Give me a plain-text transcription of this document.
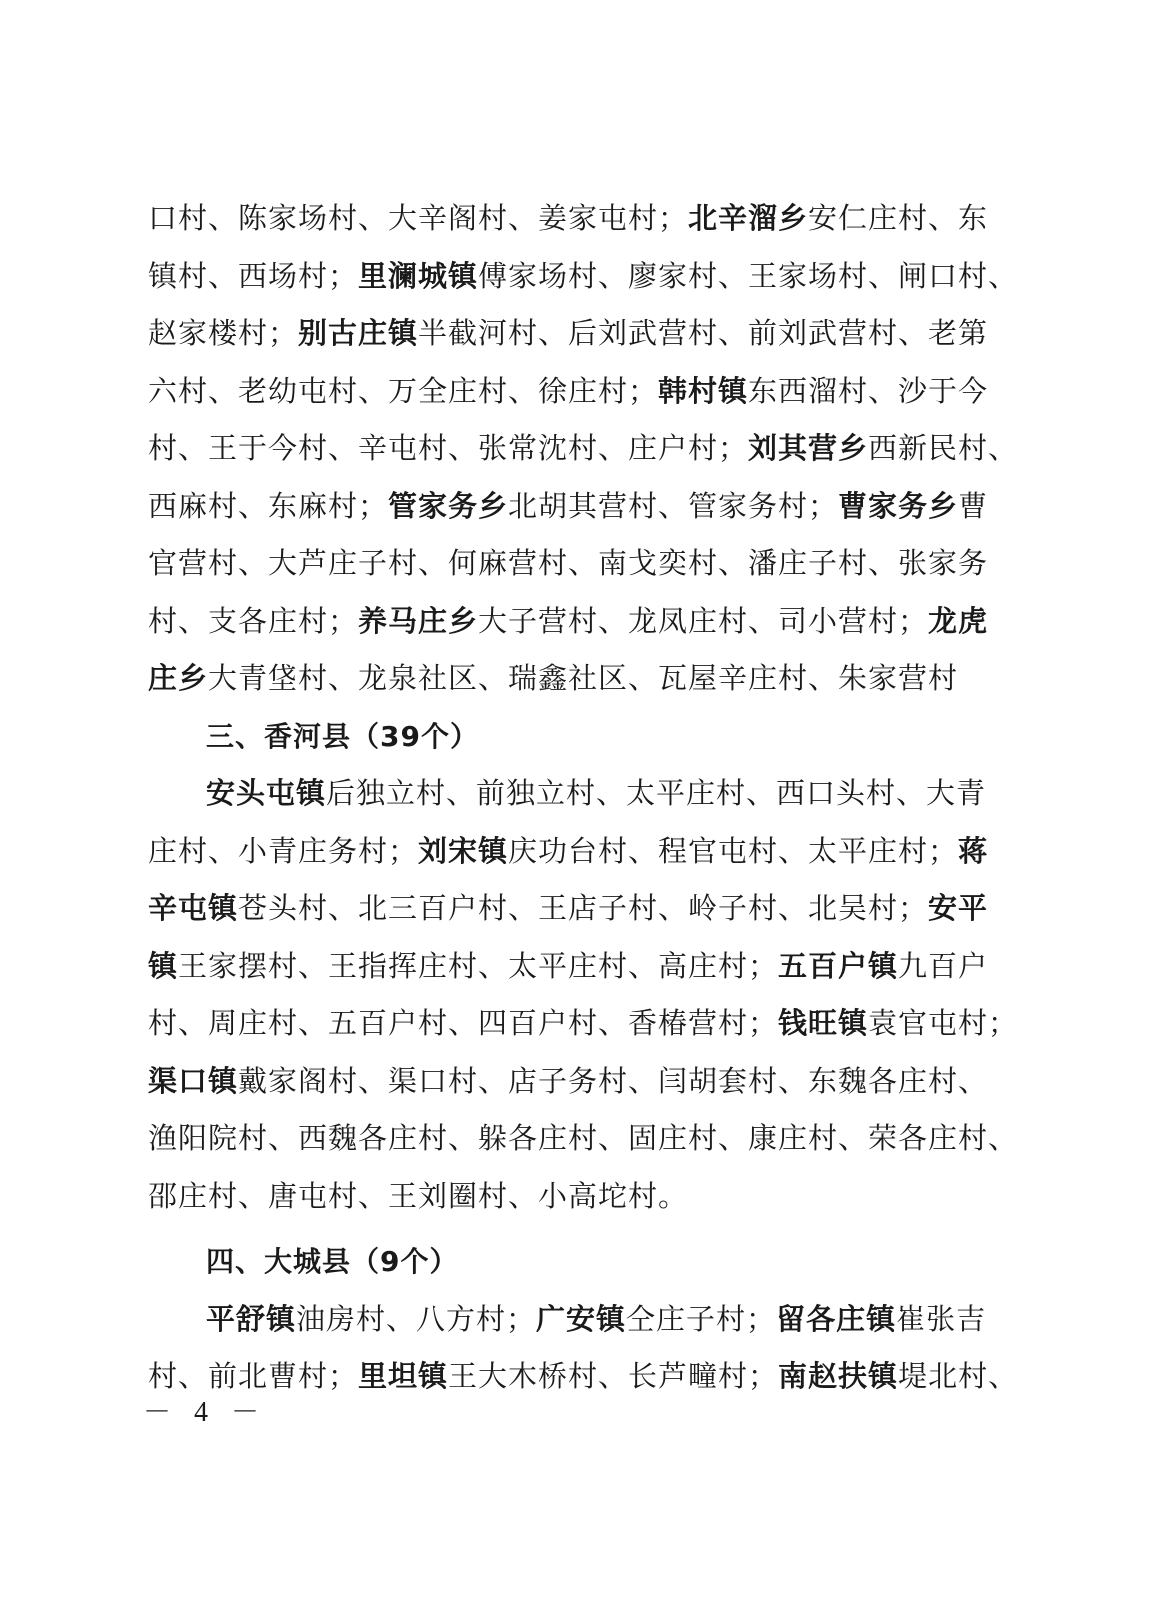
口村、陈家场村、大辛阁村、姜家屯村；北辛溜乡安仁庄村、东
镇村、西场村；里澜城镇傅家场村、廖家村、王家场村、闸口村、
赵家楼村；别古庄镇半截河村、后刘武营村、前刘武营村、老第
六村、老幼屯村、万全庄村、徐庄村；韩村镇东西溜村、沙于今
村、王于今村、辛屯村、张常沈村、庄户村；刘其营乡西新民村、
西麻村、东麻村；管家务乡北胡其营村、管家务村；曹家务乡曹
官营村、大芦庄子村、何麻营村、南戈奕村、潘庄子村、张家务
村、支各庄村；养马庄乡大子营村、龙凤庄村、司小营村；龙虎
庄乡大青垡村、龙泉社区、瑞鑫社区、瓦屋辛庄村、朱家营村
三、香河县（39个）
安头屯镇后独立村、前独立村、太平庄村、西口头村、大青
庄村、小青庄务村；刘宋镇庆功台村、程官屯村、太平庄村；蒋
辛屯镇苍头村、北三百户村、王店子村、岭子村、北吴村；安平
镇王家摆村、王指挥庄村、太平庄村、高庄村；五百户镇九百户
村、周庄村、五百户村、四百户村、香椿营村；钱旺镇袁官屯村；
渠口镇戴家阁村、渠口村、店子务村、闫胡套村、东魏各庄村、
渔阳院村、西魏各庄村、躲各庄村、固庄村、康庄村、荣各庄村、
邵庄村、唐屯村、王刘圈村、小高坨村。
四、大城县（9个）
平舒镇油房村、八方村；广安镇仝庄子村；留各庄镇崔张吉
村、前北曹村；里坦镇王大木桥村、长芦疃村；南赵扶镇堤北村、
－ 4 －
